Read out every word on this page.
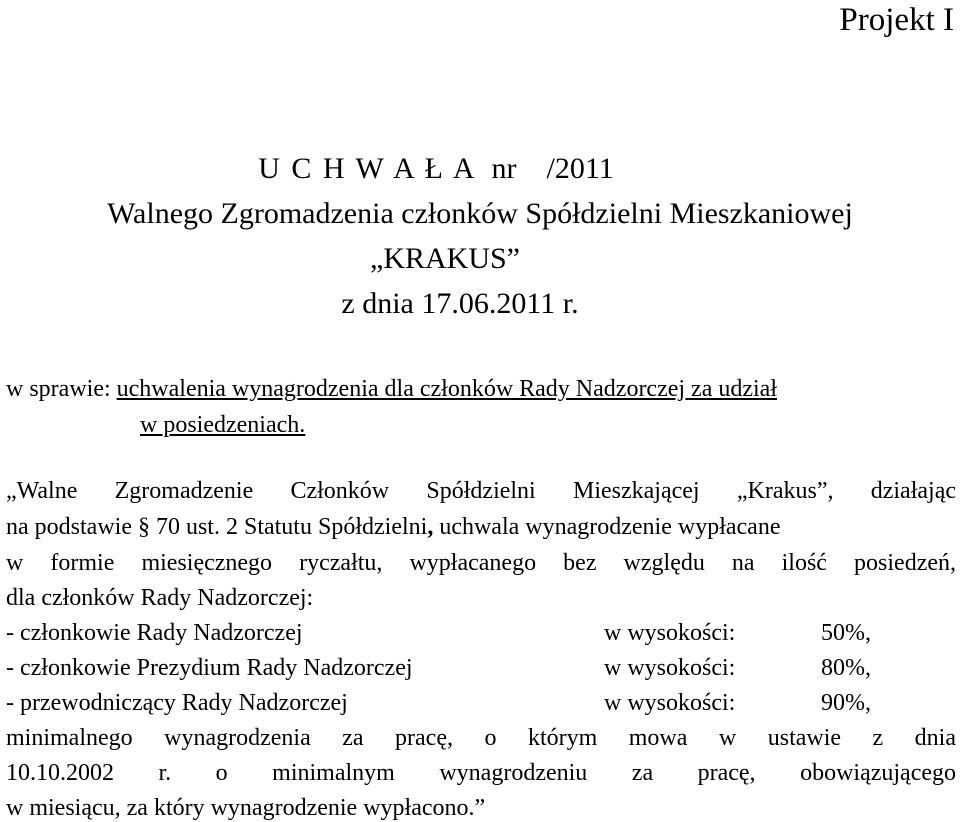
Projekt I
U C H W A Ł A  nr    /2011
Walnego Zgromadzenia członków Spółdzielni Mieszkaniowej
„KRAKUS”
z dnia 17.06.2011 r.
w sprawie: uchwalenia wynagrodzenia dla członków Rady Nadzorczej za udział
w posiedzeniach.
„Walne Zgromadzenie Członków Spółdzielni Mieszkającej „Krakus”, działając
na podstawie § 70 ust. 2 Statutu Spółdzielni, uchwala wynagrodzenie wypłacane
w formie miesięcznego ryczałtu, wypłacanego bez względu na ilość posiedzeń,
dla członków Rady Nadzorczej:
- członkowie Rady Nadzorczej	w wysokości:	50%,
- członkowie Prezydium Rady Nadzorczej	w wysokości:	80%,
- przewodniczący Rady Nadzorczej	w wysokości:	90%,
minimalnego wynagrodzenia za pracę, o którym mowa w ustawie z dnia
10.10.2002 r. o minimalnym wynagrodzeniu za pracę, obowiązującego
w miesiącu, za który wynagrodzenie wypłacono.”
